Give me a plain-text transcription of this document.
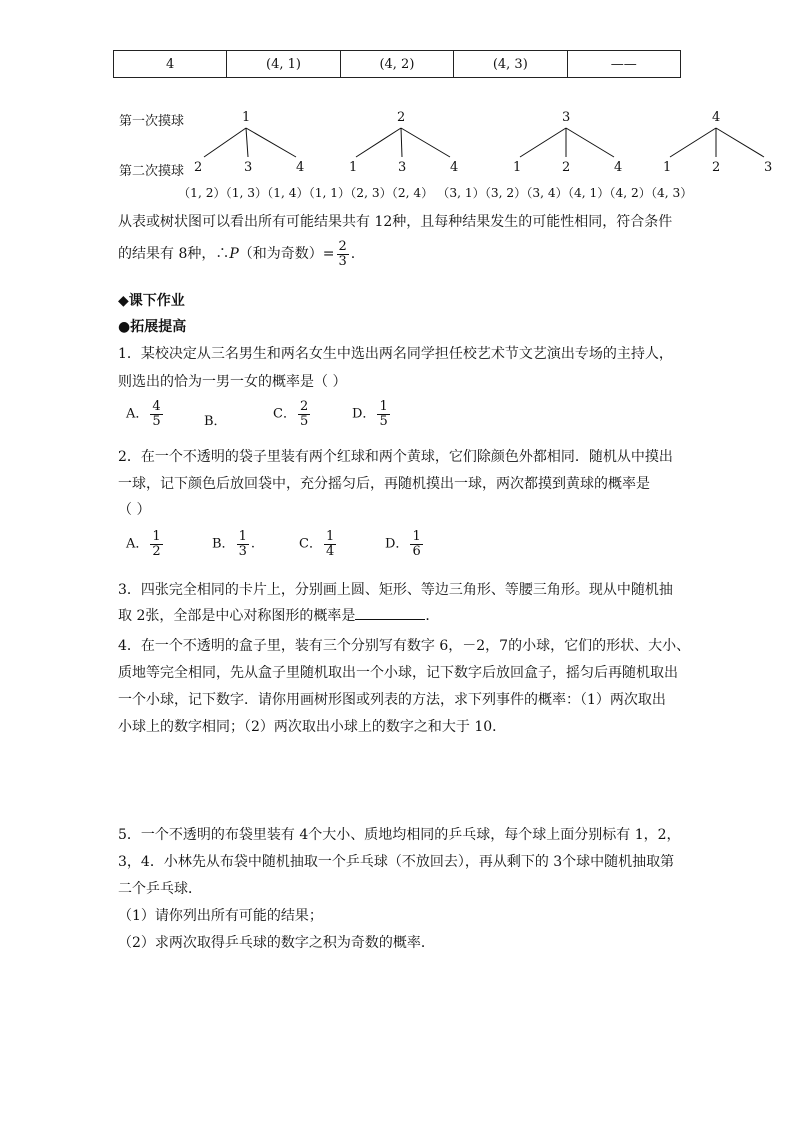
4	(4, 1)	(4, 2)	(4, 3)	——
第一次摸球
第二次摸球
1	2	3	4
2	3	4	1	3	4	1	2	4	1	2	3
（1, 2）（1, 3）（1, 4）（1, 1）（2, 3）（2, 4） （3, 1）（3, 2）（3, 4）（4, 1）（4, 2）（4, 3）
从表或树状图可以看出所有可能结果共有 12种，且每种结果发生的可能性相同，符合条件
的结果有 8种，∴P（和为奇数）= $\frac{2}{3}$ .
◆课下作业
●拓展提高
1．某校决定从三名男生和两名女生中选出两名同学担任校艺术节文艺演出专场的主持人，
则选出的恰为一男一女的概率是（ ）
A． $\frac{4}{5}$	B．	C． $\frac{2}{5}$	D． $\frac{1}{5}$
2．在一个不透明的袋子里装有两个红球和两个黄球，它们除颜色外都相同．随机从中摸出
一球，记下颜色后放回袋中，充分摇匀后，再随机摸出一球，两次都摸到黄球的概率是
（ ）
A． $\frac{1}{2}$	B． $\frac{1}{3}$ .	C． $\frac{1}{4}$	D． $\frac{1}{6}$
3．四张完全相同的卡片上，分别画上圆、矩形、等边三角形、等腰三角形。现从中随机抽
取 2张，全部是中心对称图形的概率是	．
4．在一个不透明的盒子里，装有三个分别写有数字 6，－2，7的小球，它们的形状、大小、
质地等完全相同，先从盒子里随机取出一个小球，记下数字后放回盒子，摇匀后再随机取出
一个小球，记下数字．请你用画树形图或列表的方法，求下列事件的概率：（1）两次取出
小球上的数字相同；（2）两次取出小球上的数字之和大于 10．
5．一个不透明的布袋里装有 4个大小、质地均相同的乒乓球，每个球上面分别标有 1，2，
3，4．小林先从布袋中随机抽取一个乒乓球（不放回去），再从剩下的 3个球中随机抽取第
二个乒乓球．
（1）请你列出所有可能的结果；
（2）求两次取得乒乓球的数字之积为奇数的概率．
